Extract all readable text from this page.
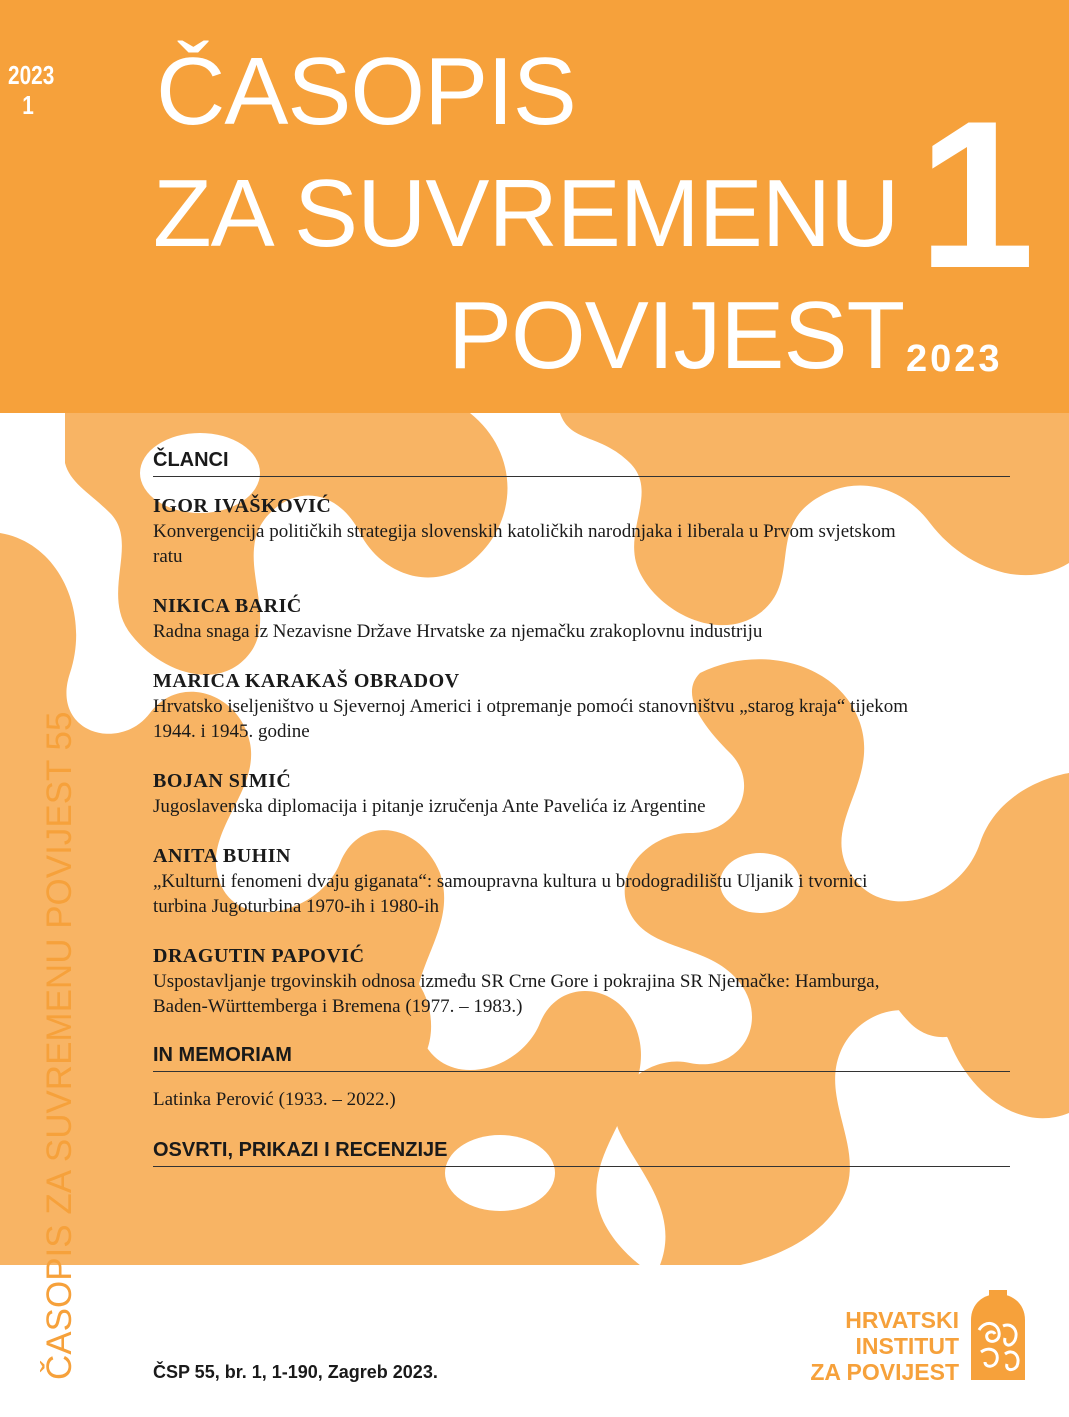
2023
1 ČASOPIS
ZA SUVREMENU
POVIJEST
1
2023
ČASOPIS ZA SUVREMENU POVIJEST 55
ČLANCI
IGOR IVAŠKOVIĆ
Konvergencija političkih strategija slovenskih katoličkih narodnjaka i liberala u Prvom svjetskom
ratu
NIKICA BARIĆ
Radna snaga iz Nezavisne Države Hrvatske za njemačku zrakoplovnu industriju
MARICA KARAKAŠ OBRADOV
Hrvatsko iseljeništvo u Sjevernoj Americi i otpremanje pomoći stanovništvu „starog kraja“ tijekom
1944. i 1945. godine
BOJAN SIMIĆ
Jugoslavenska diplomacija i pitanje izručenja Ante Pavelića iz Argentine
ANITA BUHIN
„Kulturni fenomeni dvaju giganata“: samoupravna kultura u brodogradilištu Uljanik i tvornici
turbina Jugoturbina 1970-ih i 1980-ih
DRAGUTIN PAPOVIĆ
Uspostavljanje trgovinskih odnosa između SR Crne Gore i pokrajina SR Njemačke: Hamburga,
Baden-Württemberga i Bremena (1977. – 1983.)
IN MEMORIAM
Latinka Perović (1933. – 2022.)
OSVRTI, PRIKAZI I RECENZIJE
ČSP 55, br. 1, 1-190, Zagreb 2023.
HRVATSKI
INSTITUT
ZA POVIJEST
